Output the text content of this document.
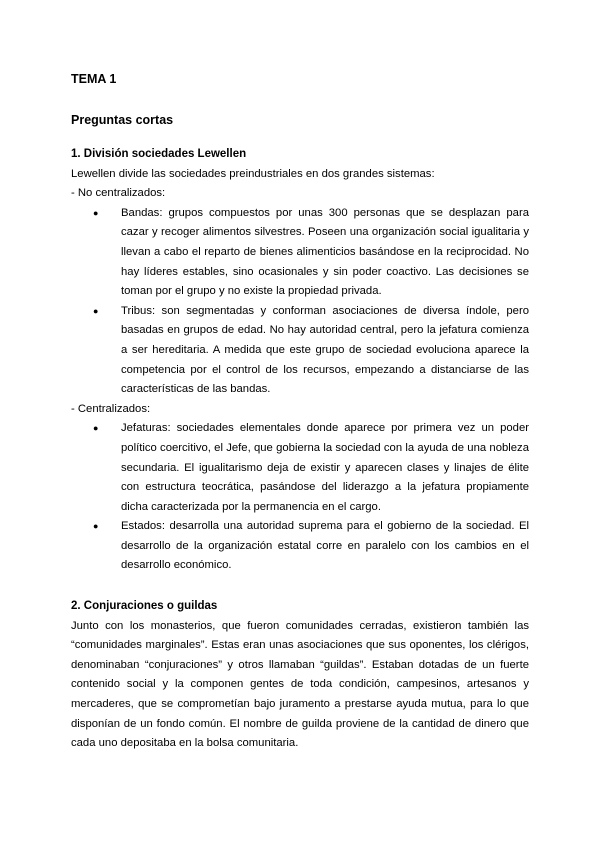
TEMA 1
Preguntas cortas

1. División sociedades Lewellen

Lewellen divide las sociedades preindustriales en dos grandes sistemas:

- No centralizados:

● Bandas: grupos compuestos por unas 300 personas que se desplazan para cazar y recoger alimentos silvestres. Poseen una organización social igualitaria y llevan a cabo el reparto de bienes alimenticios basándose en la reciprocidad. No hay líderes estables, sino ocasionales y sin poder coactivo. Las decisiones se toman por el grupo y no existe la propiedad privada.
● Tribus: son segmentadas y conforman asociaciones de diversa índole, pero basadas en grupos de edad. No hay autoridad central, pero la jefatura comienza a ser hereditaria. A medida que este grupo de sociedad evoluciona aparece la competencia por el control de los recursos, empezando a distanciarse de las características de las bandas.

- Centralizados:

● Jefaturas: sociedades elementales donde aparece por primera vez un poder político coercitivo, el Jefe, que gobierna la sociedad con la ayuda de una nobleza secundaria. El igualitarismo deja de existir y aparecen clases y linajes de élite con estructura teocrática, pasándose del liderazgo a la jefatura propiamente dicha caracterizada por la permanencia en el cargo.
● Estados: desarrolla una autoridad suprema para el gobierno de la sociedad. El desarrollo de la organización estatal corre en paralelo con los cambios en el desarrollo económico.

2. Conjuraciones o guildas

Junto con los monasterios, que fueron comunidades cerradas, existieron también las “comunidades marginales”. Estas eran unas asociaciones que sus oponentes, los clérigos, denominaban “conjuraciones” y otros llamaban “guildas”. Estaban dotadas de un fuerte contenido social y la componen gentes de toda condición, campesinos, artesanos y mercaderes, que se comprometían bajo juramento a prestarse ayuda mutua, para lo que disponían de un fondo común. El nombre de guilda proviene de la cantidad de dinero que cada uno depositaba en la bolsa comunitaria.
